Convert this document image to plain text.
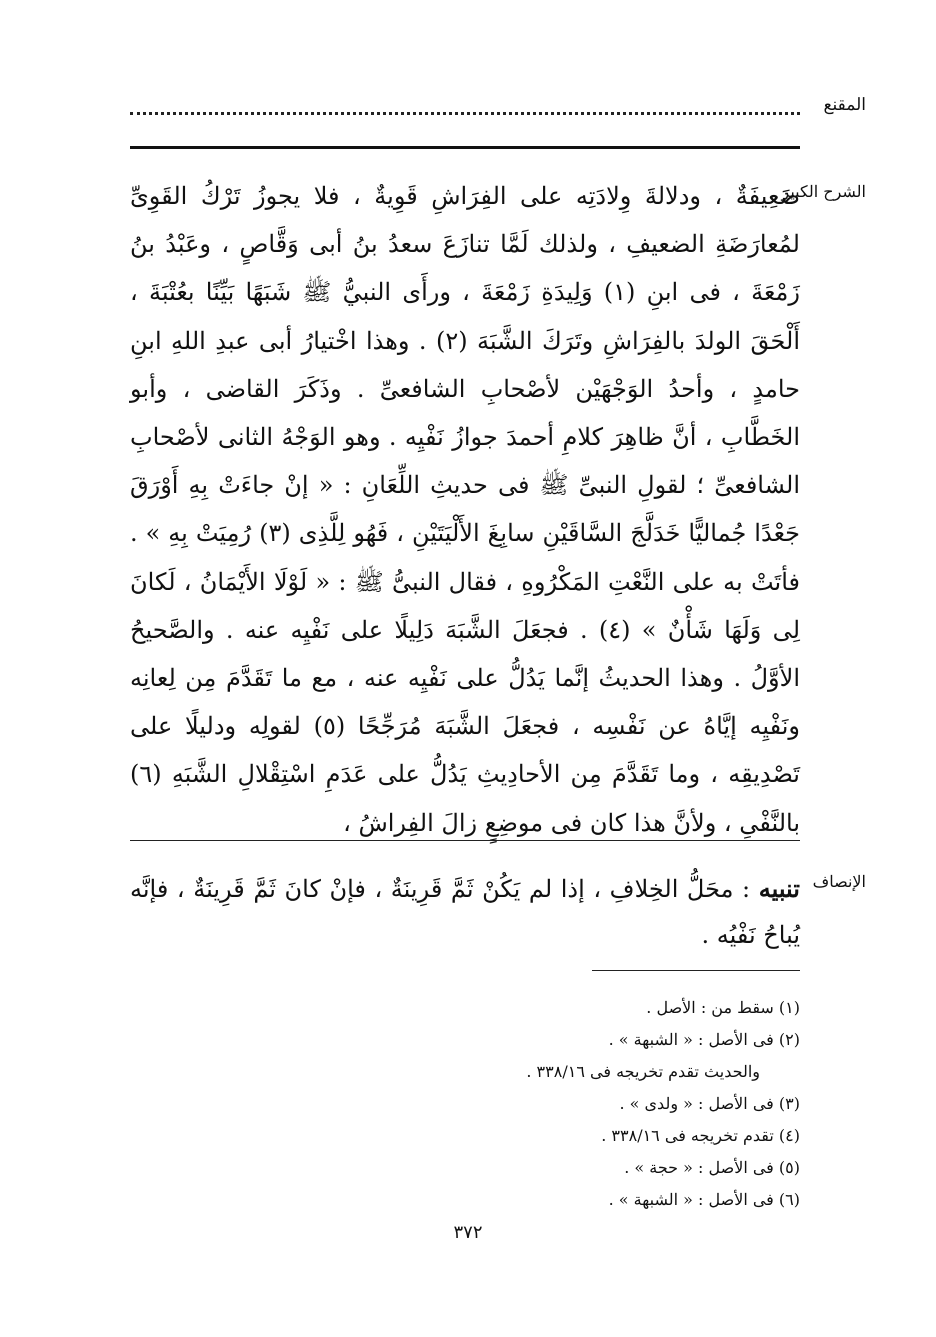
المقنع
الشرح الكبير

ضَعِيفَةٌ ، ودلالةَ وِلادَتِه على الفِرَاشِ قَوِيةٌ ، فلا يجوزُ تَرْكُ القَوِىِّ لمُعارَضَةِ الضعيفِ ، ولذلك لَمَّا تنازَعَ سعدُ بنُ أبى وَقَّاصٍ ، وعَبْدُ بنُ زَمْعَةَ ، فى ابنِ (١) وَلِيدَةِ زَمْعَةَ ، ورأَى النبيُّ ﷺ شَبَهًا بَيِّنًا بعُتْبَةَ ، أَلْحَقَ الولدَ بالفِرَاشِ وتَرَكَ الشَّبَهَ (٢) . وهذا اخْتيارُ أبى عبدِ اللهِ ابنِ حامدٍ ، وأحدُ الوَجْهَيْن لأصْحابِ الشافعىِّ . وذَكَرَ القاضى ، وأبو الخَطَّابِ ، أنَّ ظاهِرَ كلامِ أحمدَ جوازُ نَفْيِه . وهو الوَجْهُ الثانى لأصْحابِ الشافعىِّ ؛ لقولِ النبىِّ ﷺ فى حديثِ اللِّعَانِ : « إنْ جاءَتْ بِهِ أَوْرَقَ جَعْدًا جُماليًّا خَدَلَّجَ السَّاقَيْنِ سابِغَ الأَلْيَتَيْنِ ، فَهُو لِلَّذِى (٣) رُمِيَتْ بِهِ » . فأتَتْ به على النَّعْتِ المَكْرُوهِ ، فقال النبىُّ ﷺ : « لَوْلَا الأَيْمَانُ ، لَكانَ لِى وَلَهَا شَأْنٌ » (٤) . فجعَلَ الشَّبَهَ دَلِيلًا على نَفْيِه عنه . والصَّحيحُ الأوَّلُ . وهذا الحديثُ إنَّما يَدُلُّ على نَفْيِه عنه ، مع ما تَقَدَّمَ مِن لِعانِه ونَفْيِه إيَّاهُ عن نَفْسِه ، فجعَلَ الشَّبَهَ مُرَجِّحًا (٥) لقولِه ودليلًا على تَصْدِيقِه ، وما تَقَدَّمَ مِن الأحادِيثِ يَدُلُّ على عَدَمِ اسْتِقْلالِ الشَّبَهِ (٦) بالنَّفْىِ ، ولأنَّ هذا كان فى موضِعٍ زالَ الفِراشُ ،

الإنصاف
تنبيه : محَلُّ الخِلافِ ، إذا لم يَكُنْ ثَمَّ قَرِينَةٌ ، فإنْ كانَ ثَمَّ قَرِينَةٌ ، فإنَّه يُباحُ نَفْيُه .
(١) سقط من : الأصل .
(٢) فى الأصل : « الشبهة » .
والحديث تقدم تخريجه فى ٣٣٨/١٦ .
(٣) فى الأصل : « ولدى » .
(٤) تقدم تخريجه فى ٣٣٨/١٦ .
(٥) فى الأصل : « حجة » .
(٦) فى الأصل : « الشبهة » .
٣٧٢
